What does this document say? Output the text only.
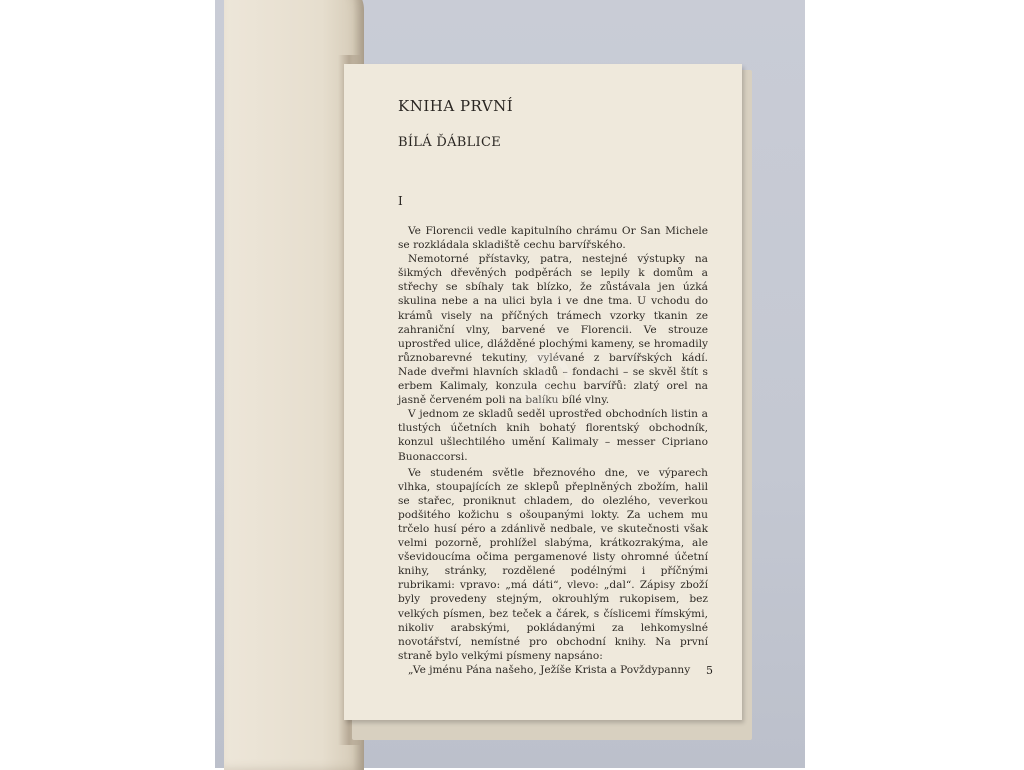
KNIHA PRVNÍ
BÍLÁ ĎÁBLICE
I

Ve Florencii vedle kapitulního chrámu Or San Michele se rozkládala skladiště cechu barvířského.

Nemotorné přístavky, patra, nestejné výstupky na šikmých dřevěných podpěrách se lepily k domům a střechy se sbíhaly tak blízko, že zůstávala jen úzká skulina nebe a na ulici byla i ve dne tma. U vchodu do krámů visely na příčných trámech vzorky tkanin ze zahraniční vlny, barvené ve Florencii. Ve strouze uprostřed ulice, dlážděné plochými kameny, se hromadily různobarevné tekutiny, vylévané z barvířských kádí. Nade dveřmi hlavních skladů – fondachi – se skvěl štít s erbem Kalimaly, konzula cechu barvířů: zlatý orel na jasně červeném poli na balíku bílé vlny.

V jednom ze skladů seděl uprostřed obchodních listin a tlustých účetních knih bohatý florentský obchodník, konzul ušlechtilého umění Kalimaly – messer Cipriano Buonaccorsi.

Ve studeném světle březnového dne, ve výparech vlhka, stoupajících ze sklepů přeplněných zbožím, halil se stařec, proniknut chladem, do olezlého, veverkou podšitého kožichu s ošoupanými lokty. Za uchem mu trčelo husí péro a zdánlivě nedbale, ve skutečnosti však velmi pozorně, prohlížel slabýma, krátkozrakýma, ale vševidoucíma očima pergamenové listy ohromné účetní knihy, stránky, rozdělené podélnými i příčnými rubrikami: vpravo: „má dáti“, vlevo: „dal“. Zápisy zboží byly provedeny stejným, okrouhlým rukopisem, bez velkých písmen, bez teček a čárek, s číslicemi římskými, nikoliv arabskými, pokládanými za lehkomyslné novotářství, nemístné pro obchodní knihy. Na první straně bylo velkými písmeny napsáno:

„Ve jménu Pána našeho, Ježíše Krista a Povždypanny	5
